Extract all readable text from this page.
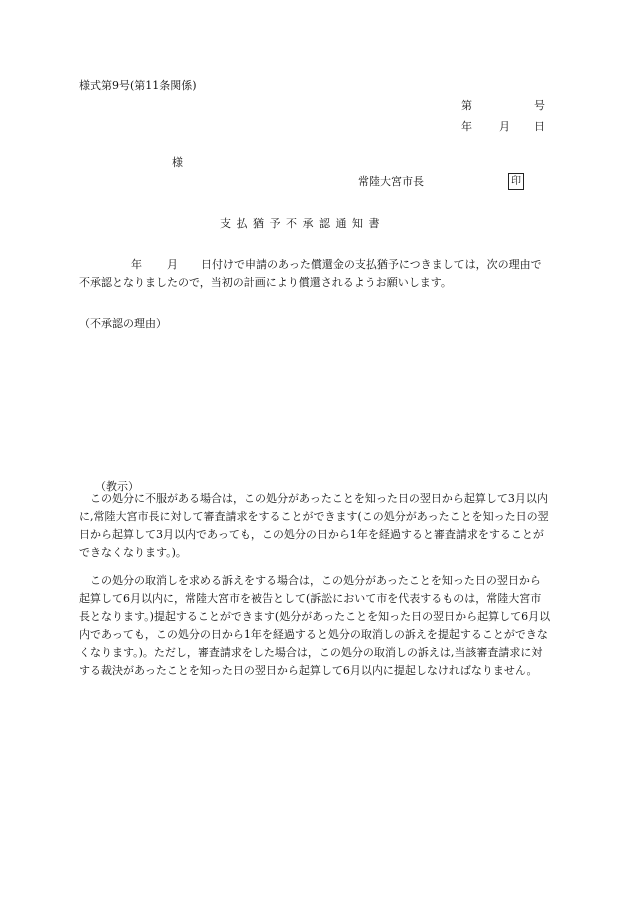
様式第9号(第11条関係)
第	号
年 月 日
様
常陸大宮市長	印
支払猶予不承認通知書
年 月 日付けで申請のあった償還金の支払猶予につきましては，次の理由で不承認となりましたので，当初の計画により償還されるようお願いします。
（不承認の理由）
（教示）
この処分に不服がある場合は，この処分があったことを知った日の翌日から起算して3月以内に,常陸大宮市長に対して審査請求をすることができます(この処分があったことを知った日の翌日から起算して3月以内であっても，この処分の日から1年を経過すると審査請求をすることができなくなります。)。
この処分の取消しを求める訴えをする場合は，この処分があったことを知った日の翌日から起算して6月以内に，常陸大宮市を被告として(訴訟において市を代表するものは，常陸大宮市長となります。)提起することができます(処分があったことを知った日の翌日から起算して6月以内であっても，この処分の日から1年を経過すると処分の取消しの訴えを提起することができなくなります。)。ただし，審査請求をした場合は，この処分の取消しの訴えは,当該審査請求に対する裁決があったことを知った日の翌日から起算して6月以内に提起しなければなりません。
